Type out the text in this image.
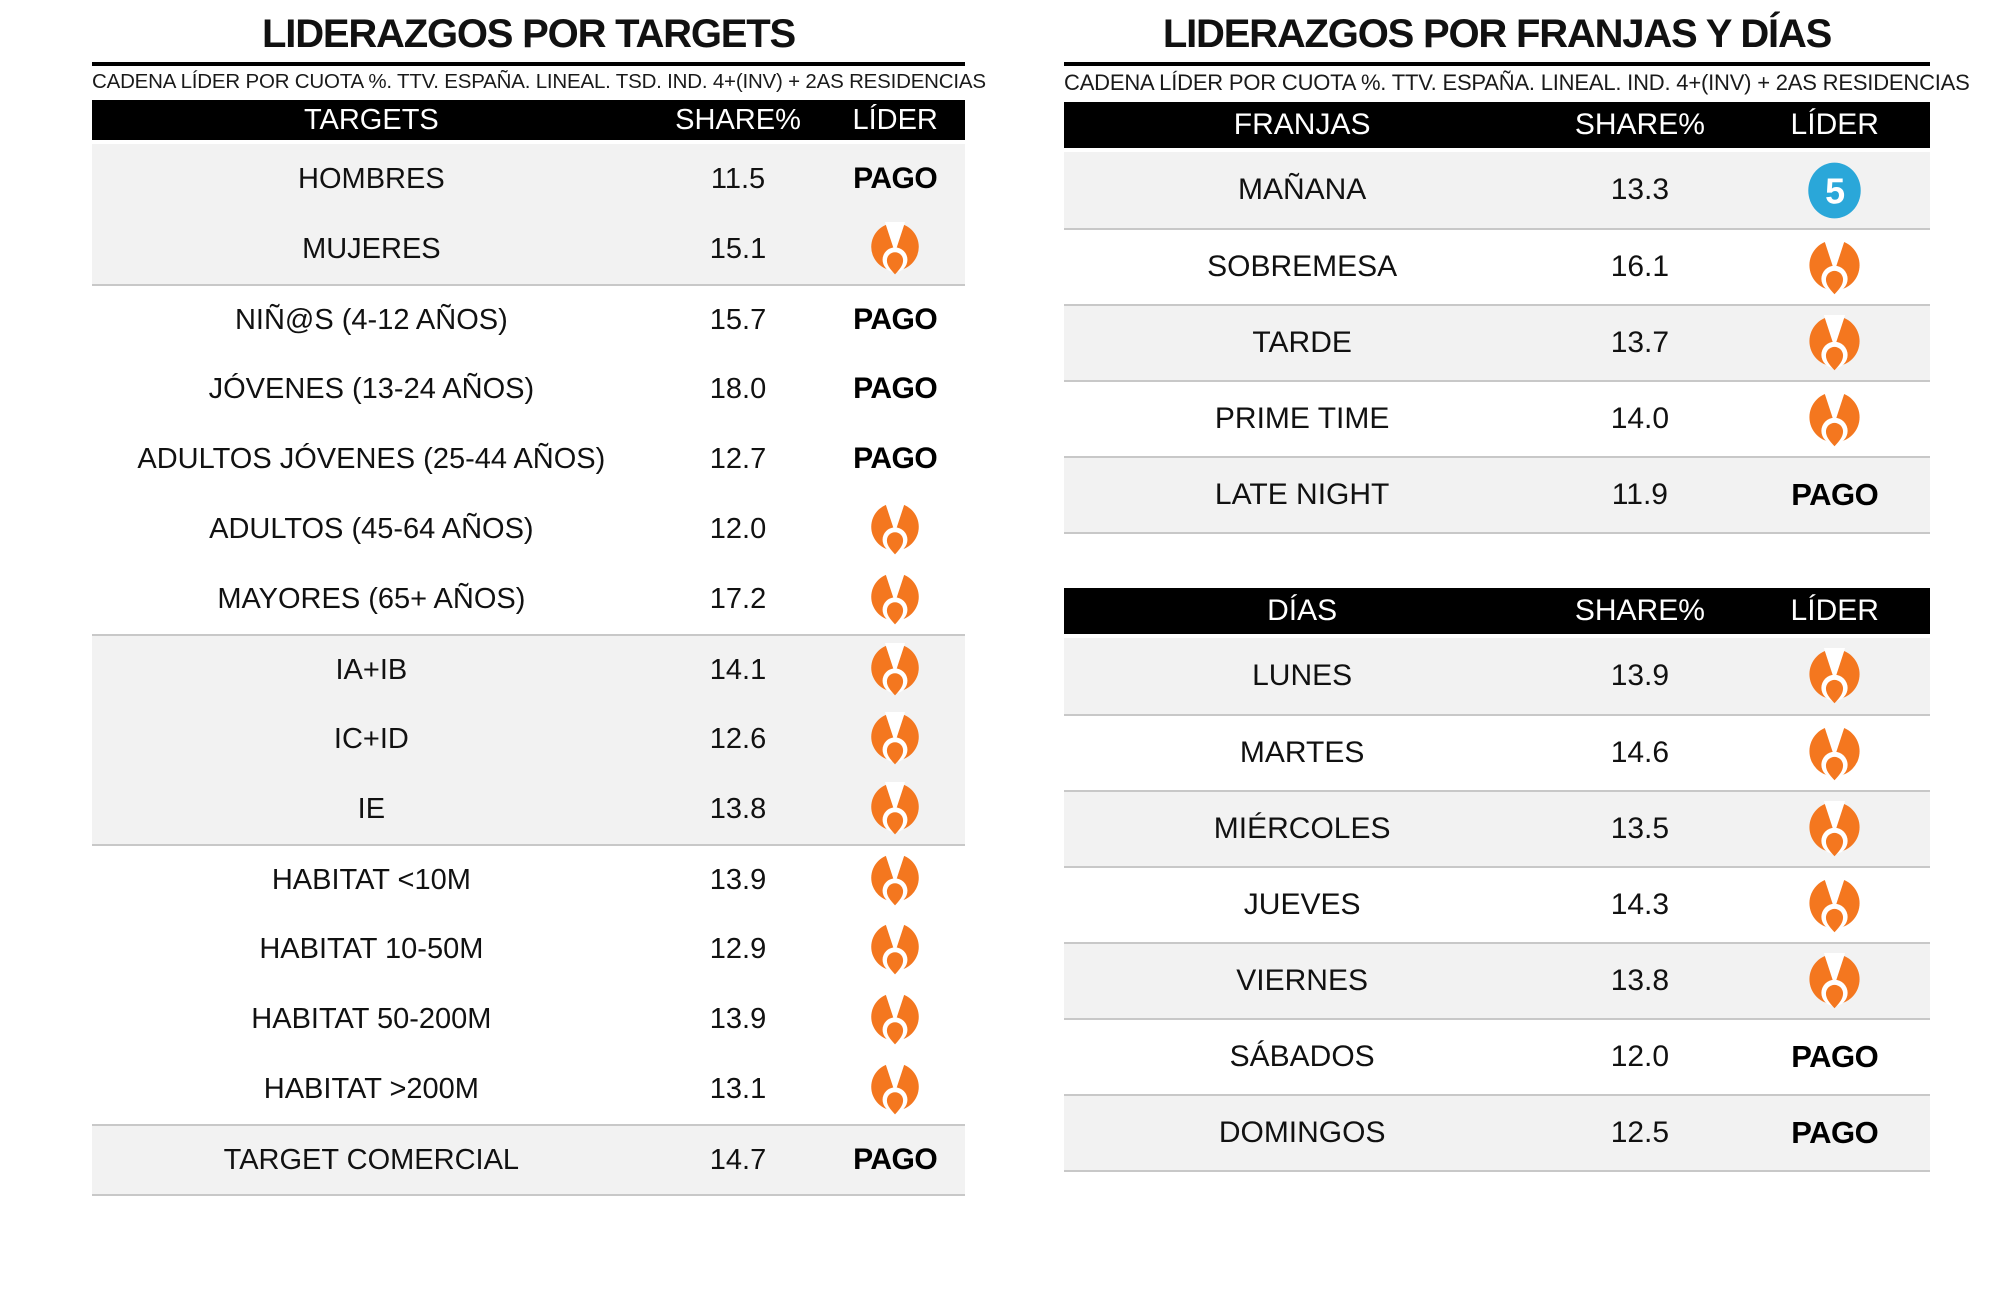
LIDERAZGOS POR TARGETS
CADENA LÍDER POR CUOTA %. TTV. ESPAÑA. LINEAL. TSD. IND. 4+(INV) + 2AS RESIDENCIAS
TARGETS	SHARE%	LÍDER
HOMBRES	11.5	PAGO
MUJERES	15.1
NIÑ@S (4-12 AÑOS)	15.7	PAGO
JÓVENES (13-24 AÑOS)	18.0	PAGO
ADULTOS JÓVENES (25-44 AÑOS)	12.7	PAGO
ADULTOS (45-64 AÑOS)	12.0
MAYORES (65+ AÑOS)	17.2
IA+IB	14.1
IC+ID	12.6
IE	13.8
HABITAT <10M	13.9
HABITAT 10-50M	12.9
HABITAT 50-200M	13.9
HABITAT >200M	13.1
TARGET COMERCIAL	14.7	PAGO
LIDERAZGOS POR FRANJAS Y DÍAS
CADENA LÍDER POR CUOTA %. TTV. ESPAÑA. LINEAL. IND. 4+(INV) + 2AS RESIDENCIAS
FRANJAS	SHARE%	LÍDER
MAÑANA	13.3	5
SOBREMESA	16.1
TARDE	13.7
PRIME TIME	14.0
LATE NIGHT	11.9	PAGO
DÍAS	SHARE%	LÍDER
LUNES	13.9
MARTES	14.6
MIÉRCOLES	13.5
JUEVES	14.3
VIERNES	13.8
SÁBADOS	12.0	PAGO
DOMINGOS	12.5	PAGO
